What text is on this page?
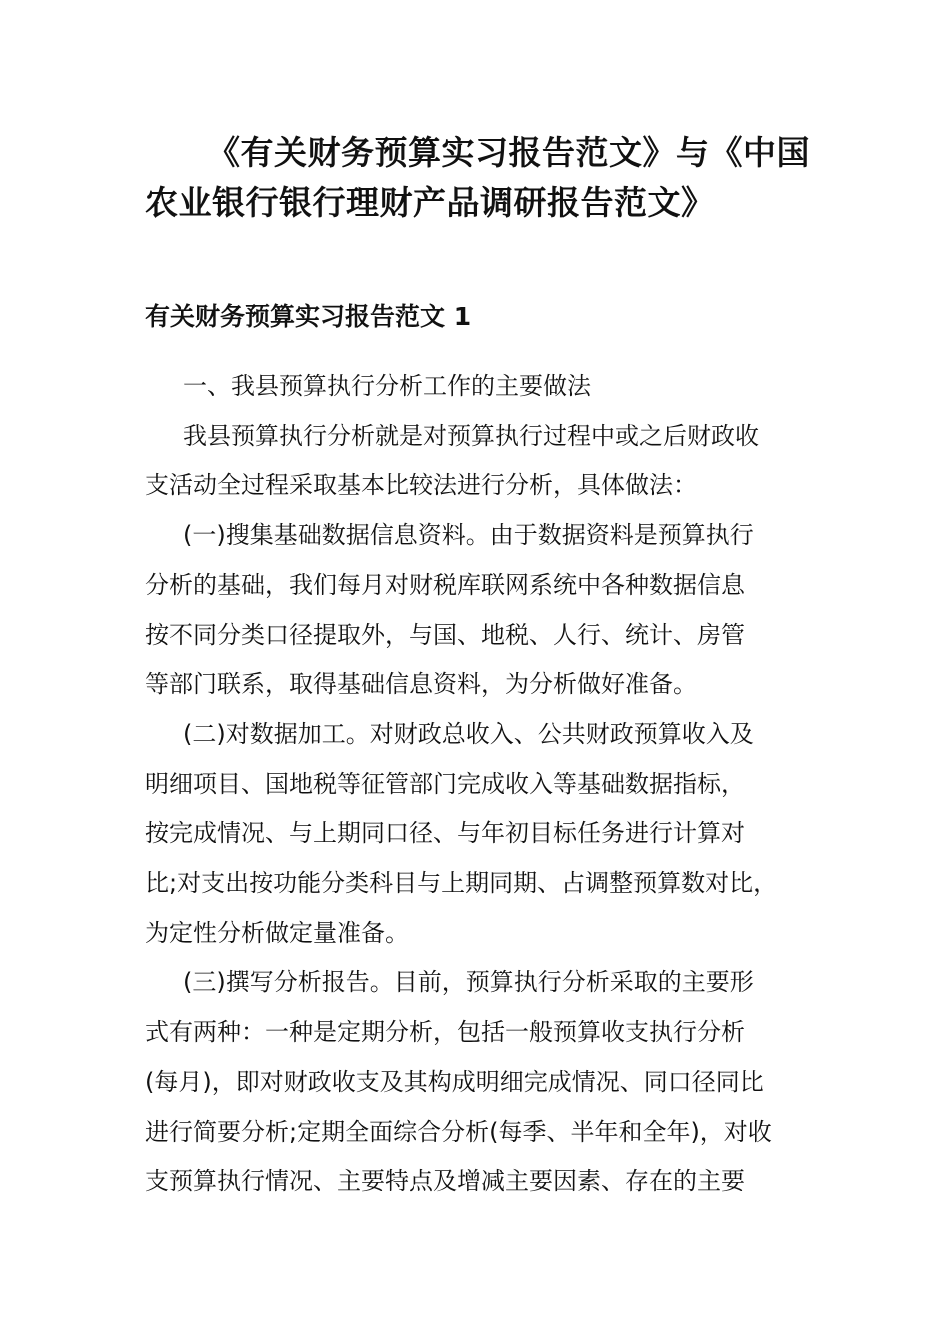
《有关财务预算实习报告范文》与《中国农业银行银行理财产品调研报告范文》
有关财务预算实习报告范文 1

一、我县预算执行分析工作的主要做法

我县预算执行分析就是对预算执行过程中或之后财政收
支活动全过程采取基本比较法进行分析，具体做法：

(一)搜集基础数据信息资料。由于数据资料是预算执行
分析的基础，我们每月对财税库联网系统中各种数据信息
按不同分类口径提取外，与国、地税、人行、统计、房管
等部门联系，取得基础信息资料，为分析做好准备。

(二)对数据加工。对财政总收入、公共财政预算收入及
明细项目、国地税等征管部门完成收入等基础数据指标，
按完成情况、与上期同口径、与年初目标任务进行计算对
比;对支出按功能分类科目与上期同期、占调整预算数对比，
为定性分析做定量准备。

(三)撰写分析报告。目前，预算执行分析采取的主要形
式有两种：一种是定期分析，包括一般预算收支执行分析
(每月)，即对财政收支及其构成明细完成情况、同口径同比
进行简要分析;定期全面综合分析(每季、半年和全年)，对收
支预算执行情况、主要特点及增减主要因素、存在的主要
